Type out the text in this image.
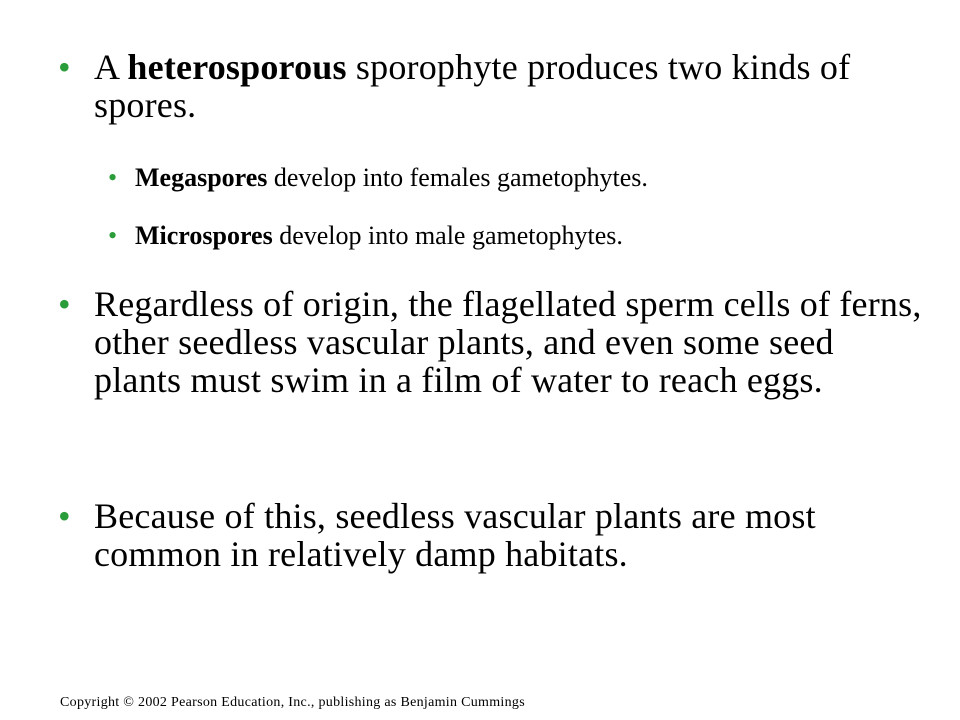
• A heterosporous sporophyte produces two kinds of spores.
• Megaspores develop into females gametophytes.
• Microspores develop into male gametophytes.
• Regardless of origin, the flagellated sperm cells of ferns, other seedless vascular plants, and even some seed plants must swim in a film of water to reach eggs.
• Because of this, seedless vascular plants are most common in relatively damp habitats.
Copyright © 2002 Pearson Education, Inc., publishing as Benjamin Cummings
